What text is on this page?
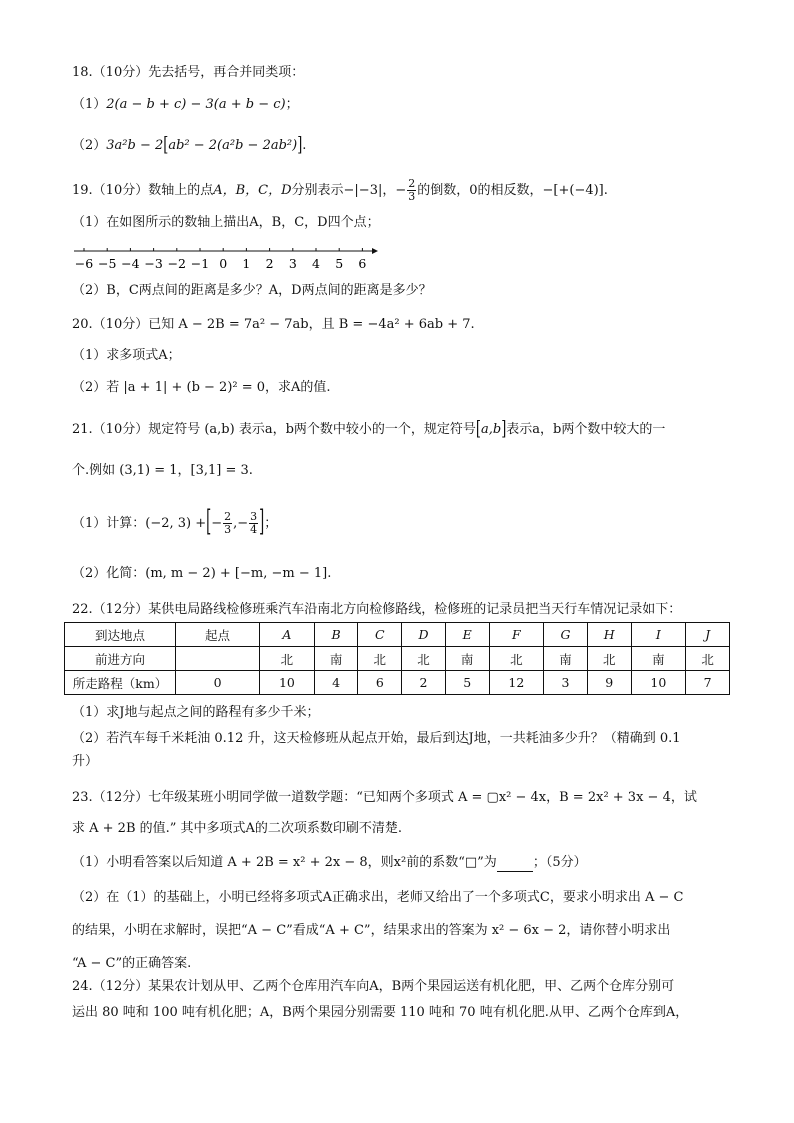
18.（10分）先去括号，再合并同类项：
（1）2(a − b + c) − 3(a + b − c)；
（2）3a²b − 2[ab² − 2(a²b − 2ab²)].
19.（10分）数轴上的点A，B，C，D分别表示−|−3|，− $\frac{2}{3}$ 的倒数，0的相反数，−[+(−4)].
（1）在如图所示的数轴上描出A，B，C，D四个点；
−6 −5 −4 −3 −2 −1 0 1 2 3 4 5 6
（2）B，C两点间的距离是多少？A，D两点间的距离是多少？
20.（10分）已知 A − 2B = 7a² − 7ab，且 B = −4a² + 6ab + 7.
（1）求多项式A；
（2）若 |a + 1| + (b − 2)² = 0，求A的值.
21.（10分）规定符号 (a,b) 表示a，b两个数中较小的一个，规定符号[a,b]表示a，b两个数中较大的一
个.例如 (3,1) = 1，[3,1] = 3.
（1）计算：(−2, 3) +[− $\frac{2}{3}$ ,− $\frac{3}{4}$ ]；
（2）化简：(m, m − 2) + [−m, −m − 1].
22.（12分）某供电局路线检修班乘汽车沿南北方向检修路线，检修班的记录员把当天行车情况记录如下：
到达地点	起点	A	B	C	D	E	F	G	H	I	J
前进方向		北	南	北	北	南	北	南	北	南	北
所走路程（km）	0	10	4	6	2	5	12	3	9	10	7
（1）求J地与起点之间的路程有多少千米；
（2）若汽车每千米耗油 0.12 升，这天检修班从起点开始，最后到达J地，一共耗油多少升？（精确到 0.1
升）
23.（12分）七年级某班小明同学做一道数学题：“已知两个多项式 A = ▢x² − 4x，B = 2x² + 3x − 4，试
求 A + 2B 的值.” 其中多项式A的二次项系数印刷不清楚.
（1）小明看答案以后知道 A + 2B = x² + 2x − 8，则x²前的系数“□”为	；（5分）
（2）在（1）的基础上，小明已经将多项式A正确求出，老师又给出了一个多项式C，要求小明求出 A − C
的结果，小明在求解时，误把“A − C”看成“A + C”，结果求出的答案为 x² − 6x − 2，请你替小明求出
“A − C”的正确答案.
24.（12分）某果农计划从甲、乙两个仓库用汽车向A，B两个果园运送有机化肥，甲、乙两个仓库分别可
运出 80 吨和 100 吨有机化肥；A，B两个果园分别需要 110 吨和 70 吨有机化肥.从甲、乙两个仓库到A，
